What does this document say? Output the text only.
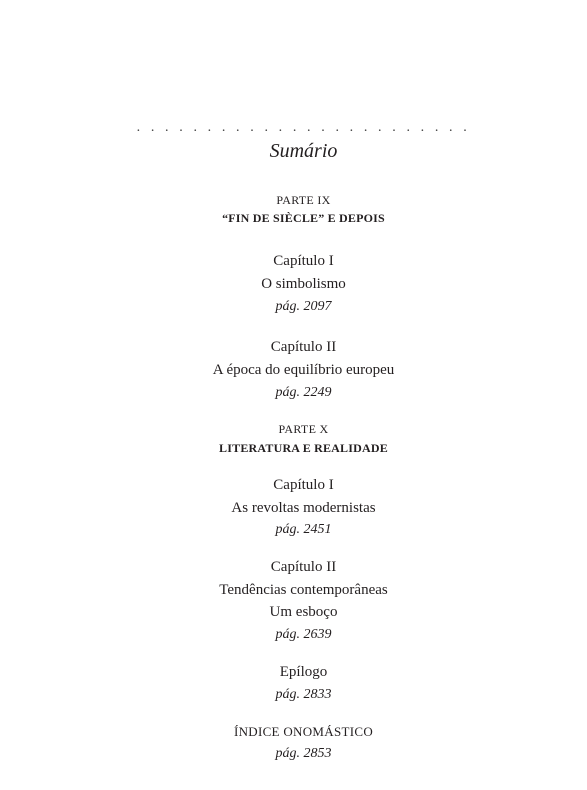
. . . . . . . . . . . . . . . . . . . . . . . .
Sumário
PARTE IX
“FIN DE SIÈCLE” E DEPOIS
Capítulo I
O simbolismo
pág. 2097
Capítulo II
A época do equilíbrio europeu
pág. 2249
PARTE X
LITERATURA E REALIDADE
Capítulo I
As revoltas modernistas
pág. 2451
Capítulo II
Tendências contemporâneas
Um esboço
pág. 2639
Epílogo
pág. 2833
ÍNDICE ONOMÁSTICO
pág. 2853
